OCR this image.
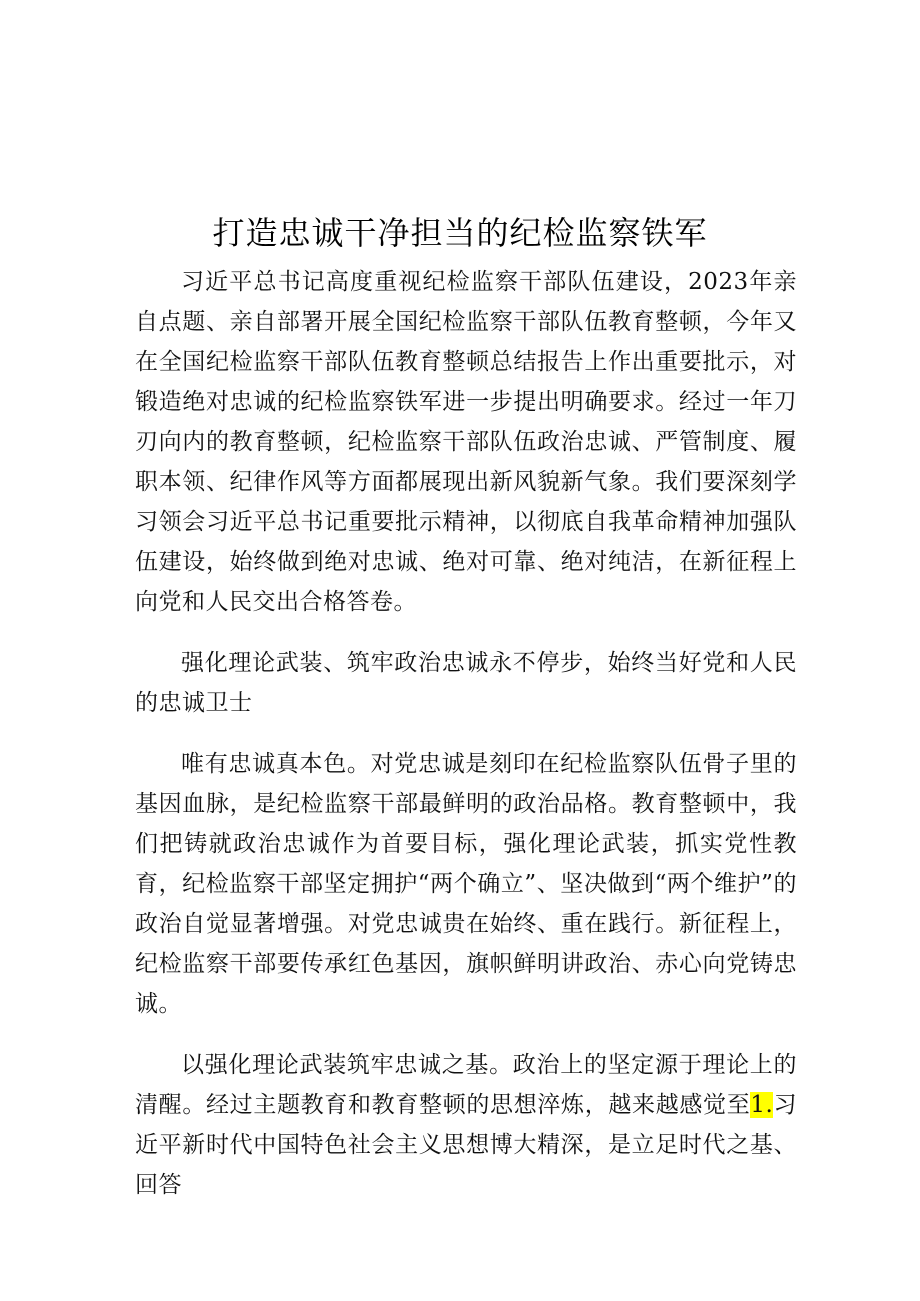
打造忠诚干净担当的纪检监察铁军

习近平总书记高度重视纪检监察干部队伍建设，2023年亲自点题、亲自部署开展全国纪检监察干部队伍教育整顿，今年又在全国纪检监察干部队伍教育整顿总结报告上作出重要批示，对锻造绝对忠诚的纪检监察铁军进一步提出明确要求。经过一年刀刃向内的教育整顿，纪检监察干部队伍政治忠诚、严管制度、履职本领、纪律作风等方面都展现出新风貌新气象。我们要深刻学习领会习近平总书记重要批示精神，以彻底自我革命精神加强队伍建设，始终做到绝对忠诚、绝对可靠、绝对纯洁，在新征程上向党和人民交出合格答卷。

强化理论武装、筑牢政治忠诚永不停步，始终当好党和人民的忠诚卫士

唯有忠诚真本色。对党忠诚是刻印在纪检监察队伍骨子里的基因血脉，是纪检监察干部最鲜明的政治品格。教育整顿中，我们把铸就政治忠诚作为首要目标，强化理论武装，抓实党性教育，纪检监察干部坚定拥护“两个确立”、坚决做到“两个维护”的政治自觉显著增强。对党忠诚贵在始终、重在践行。新征程上，纪检监察干部要传承红色基因，旗帜鲜明讲政治、赤心向党铸忠诚。

以强化理论武装筑牢忠诚之基。政治上的坚定源于理论上的清醒。经过主题教育和教育整顿的思想淬炼，越来越感觉至1.习近平新时代中国特色社会主义思想博大精深，是立足时代之基、回答
